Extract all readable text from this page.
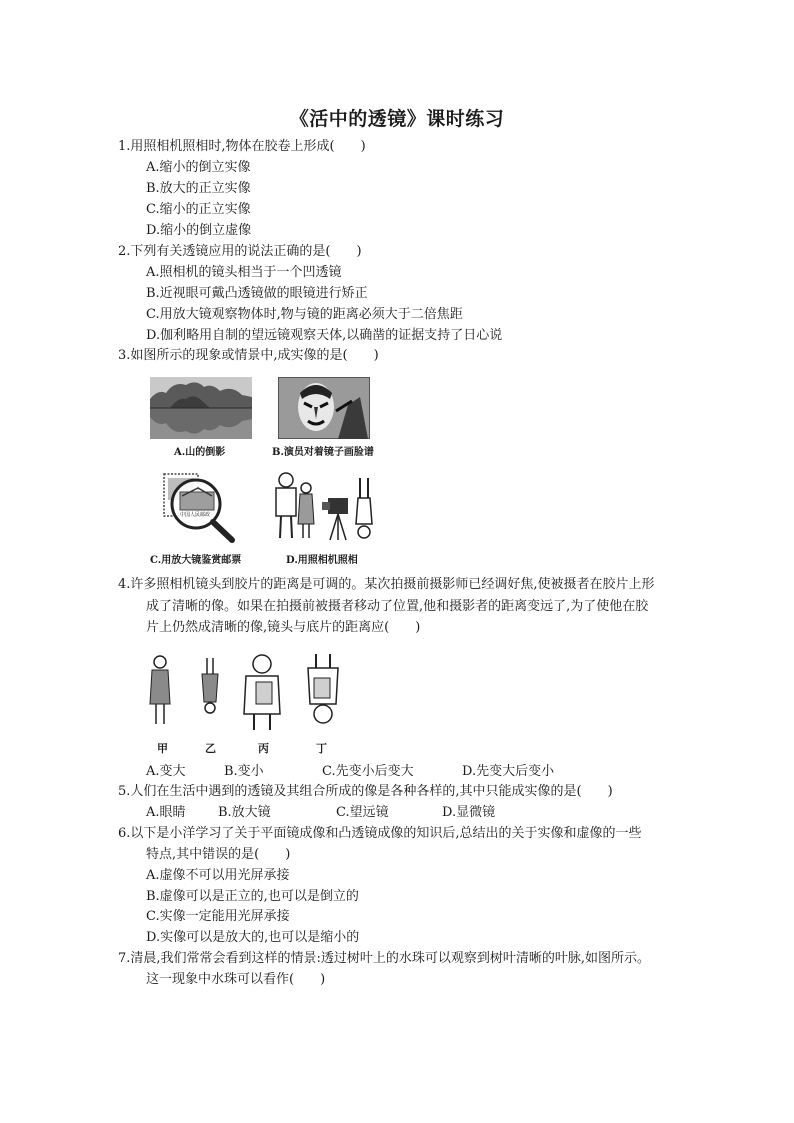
《活中的透镜》课时练习
1.用照相机照相时,物体在胶卷上形成(　　)
A.缩小的倒立实像
B.放大的正立实像
C.缩小的正立实像
D.缩小的倒立虚像
2.下列有关透镜应用的说法正确的是(　　)
A.照相机的镜头相当于一个凹透镜
B.近视眼可戴凸透镜做的眼镜进行矫正
C.用放大镜观察物体时,物与镜的距离必须大于二倍焦距
D.伽利略用自制的望远镜观察天体,以确凿的证据支持了日心说
3.如图所示的现象或情景中,成实像的是(　　)
A.山的倒影	B.演员对着镜子画脸谱
中国人民邮政
C.用放大镜鉴赏邮票	D.用照相机照相
4.许多照相机镜头到胶片的距离是可调的。某次拍摄前摄影师已经调好焦,使被摄者在胶片上形
成了清晰的像。如果在拍摄前被摄者移动了位置,他和摄影者的距离变远了,为了使他在胶
片上仍然成清晰的像,镜头与底片的距离应(　　)
甲	乙	丙	丁
A.变大	B.变小	C.先变小后变大	D.先变大后变小
5.人们在生活中遇到的透镜及其组合所成的像是各种各样的,其中只能成实像的是(　　)
A.眼睛 B.放大镜	C.望远镜	D.显微镜
6.以下是小洋学习了关于平面镜成像和凸透镜成像的知识后,总结出的关于实像和虚像的一些
特点,其中错误的是(　　)
A.虚像不可以用光屏承接
B.虚像可以是正立的,也可以是倒立的
C.实像一定能用光屏承接
D.实像可以是放大的,也可以是缩小的
7.清晨,我们常常会看到这样的情景:透过树叶上的水珠可以观察到树叶清晰的叶脉,如图所示。
这一现象中水珠可以看作(　　)
